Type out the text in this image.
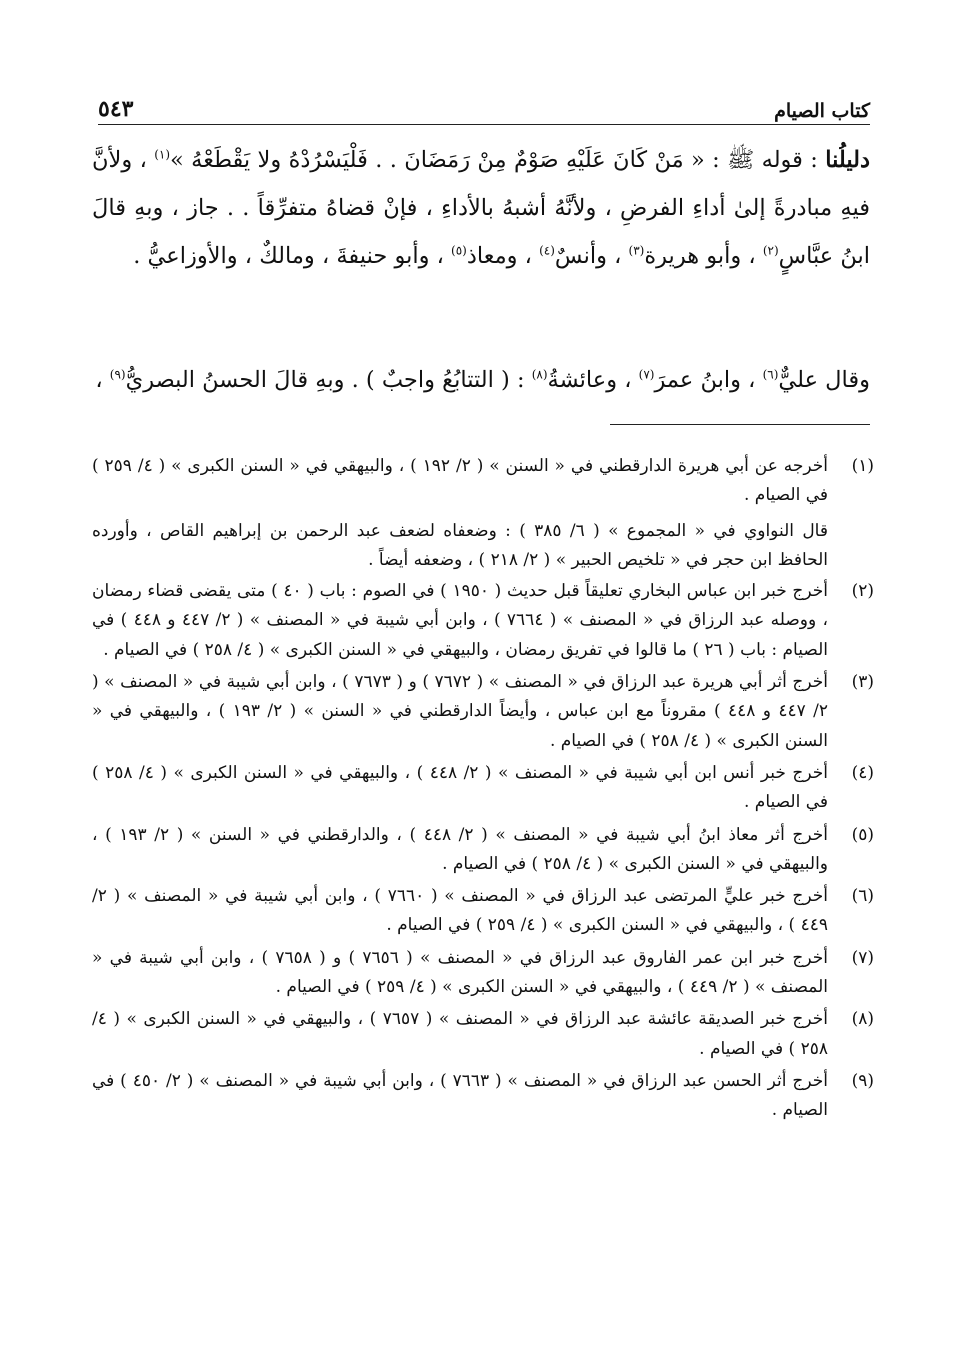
كتاب الصيام
٥٤٣

دليلُنا : قوله ﷺ : « مَنْ كَانَ عَلَيْهِ صَوْمٌ مِنْ رَمَضَانَ . . فَلْيَسْرُدْهُ ولا يَقْطَعْهُ »$^{(١)}$ ، ولأنَّ فيهِ مبادرةً إلىٰ أداءِ الفرضِ ، ولأنَّهُ أشبهُ بالأداءِ ، فإنْ قضاهُ متفرِّقاً . . جاز ، وبهِ قالَ ابنُ عبَّاسٍ$^{(٢)}$ ، وأبو هريرة$^{(٣)}$ ، وأنسٌ$^{(٤)}$ ، ومعاذ$^{(٥)}$ ، وأبو حنيفةَ ، ومالكٌ ، والأوزاعيُّ .

وقال عليٌّ$^{(٦)}$ ، وابنُ عمرَ$^{(٧)}$ ، وعائشةُ$^{(٨)}$ : ( التتابُعُ واجبٌ ) . وبهِ قالَ الحسنُ البصريُّ$^{(٩)}$ ،

(١)

أخرجه عن أبي هريرة الدارقطني في « السنن » ( ٢/ ١٩٢ ) ، والبيهقي في « السنن الكبرى » ( ٤/ ٢٥٩ ) في الصيام .

قال النواوي في « المجموع » ( ٦/ ٣٨٥ ) : وضعفاه لضعف عبد الرحمن بن إبراهيم القاص ، وأورده الحافظ ابن حجر في « تلخيص الحبير » ( ٢/ ٢١٨ ) ، وضعفه أيضاً .
(٢)

أخرج خبر ابن عباس البخاري تعليقاً قبل حديث ( ١٩٥٠ ) في الصوم : باب ( ٤٠ ) متى يقضى قضاء رمضان ، ووصله عبد الرزاق في « المصنف » ( ٧٦٦٤ ) ، وابن أبي شيبة في « المصنف » ( ٢/ ٤٤٧ و ٤٤٨ ) في الصيام : باب ( ٢٦ ) ما قالوا في تفريق رمضان ، والبيهقي في « السنن الكبرى » ( ٤/ ٢٥٨ ) في الصيام .

(٣)

أخرج أثر أبي هريرة عبد الرزاق في « المصنف » ( ٧٦٧٢ ) و ( ٧٦٧٣ ) ، وابن أبي شيبة في « المصنف » ( ٢/ ٤٤٧ و ٤٤٨ ) مقروناً مع ابن عباس ، وأيضاً الدارقطني في « السنن » ( ٢/ ١٩٣ ) ، والبيهقي في « السنن الكبرى » ( ٤/ ٢٥٨ ) في الصيام .

(٤)

أخرج خبر أنس ابن أبي شيبة في « المصنف » ( ٢/ ٤٤٨ ) ، والبيهقي في « السنن الكبرى » ( ٤/ ٢٥٨ ) في الصيام .

(٥)

أخرج أثر معاذ ابنُ أبي شيبة في « المصنف » ( ٢/ ٤٤٨ ) ، والدارقطني في « السنن » ( ٢/ ١٩٣ ) ، والبيهقي في « السنن الكبرى » ( ٤/ ٢٥٨ ) في الصيام .

(٦)

أخرج خبر عليٍّ المرتضى عبد الرزاق في « المصنف » ( ٧٦٦٠ ) ، وابن أبي شيبة في « المصنف » ( ٢/ ٤٤٩ ) ، والبيهقي في « السنن الكبرى » ( ٤/ ٢٥٩ ) في الصيام .

(٧)

أخرج خبر ابن عمر الفاروق عبد الرزاق في « المصنف » ( ٧٦٥٦ ) و ( ٧٦٥٨ ) ، وابن أبي شيبة في « المصنف » ( ٢/ ٤٤٩ ) ، والبيهقي في « السنن الكبرى » ( ٤/ ٢٥٩ ) في الصيام .

(٨)

أخرج خبر الصديقة عائشة عبد الرزاق في « المصنف » ( ٧٦٥٧ ) ، والبيهقي في « السنن الكبرى » ( ٤/ ٢٥٨ ) في الصيام .

(٩)

أخرج أثر الحسن عبد الرزاق في « المصنف » ( ٧٦٦٣ ) ، وابن أبي شيبة في « المصنف » ( ٢/ ٤٥٠ ) في الصيام .
